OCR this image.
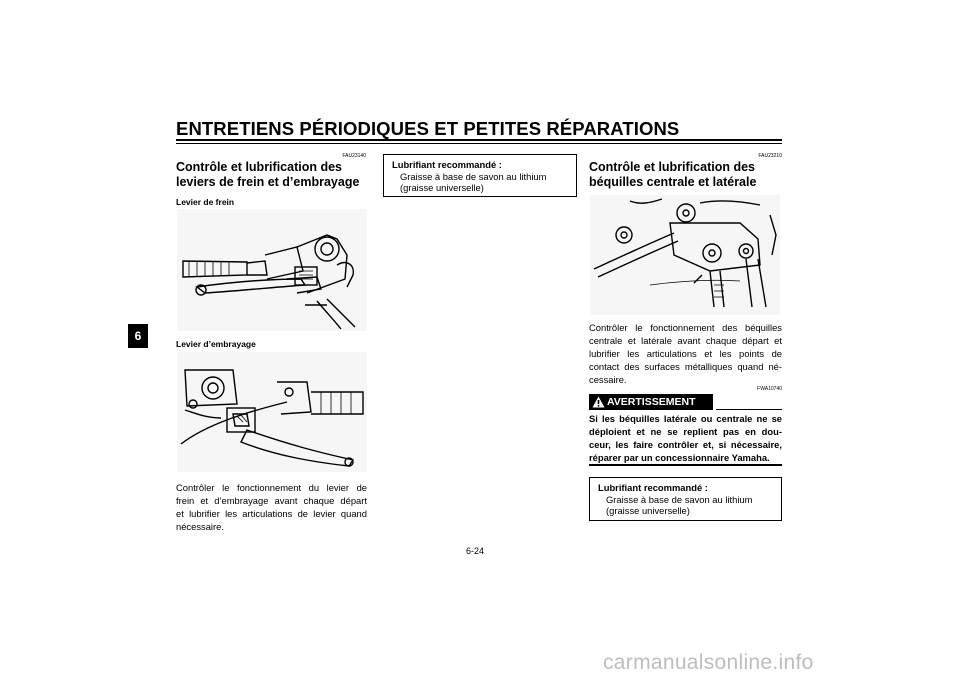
ENTRETIENS PÉRIODIQUES ET PETITES RÉPARATIONS
6
FAU23140
Contrôle et lubrification des
leviers de frein et d’embrayage
Levier de frein
Levier d’embrayage
Contrôler le fonctionnement du levier de
frein et d’embrayage avant chaque départ
et lubrifier les articulations de levier quand
nécessaire.
Lubrifiant recommandé :
Graisse à base de savon au lithium
(graisse universelle)
FAU23210
Contrôle et lubrification des
béquilles centrale et latérale
Contrôler le fonctionnement des béquilles
centrale et latérale avant chaque départ et
lubrifier les articulations et les points de
contact des surfaces métalliques quand né-
cessaire.
FWA10740
AVERTISSEMENT
Si les béquilles latérale ou centrale ne se
déploient et ne se replient pas en dou-
ceur, les faire contrôler et, si nécessaire,
réparer par un concessionnaire Yamaha.
Lubrifiant recommandé :
Graisse à base de savon au lithium
(graisse universelle)
6-24
carmanualsonline.info
